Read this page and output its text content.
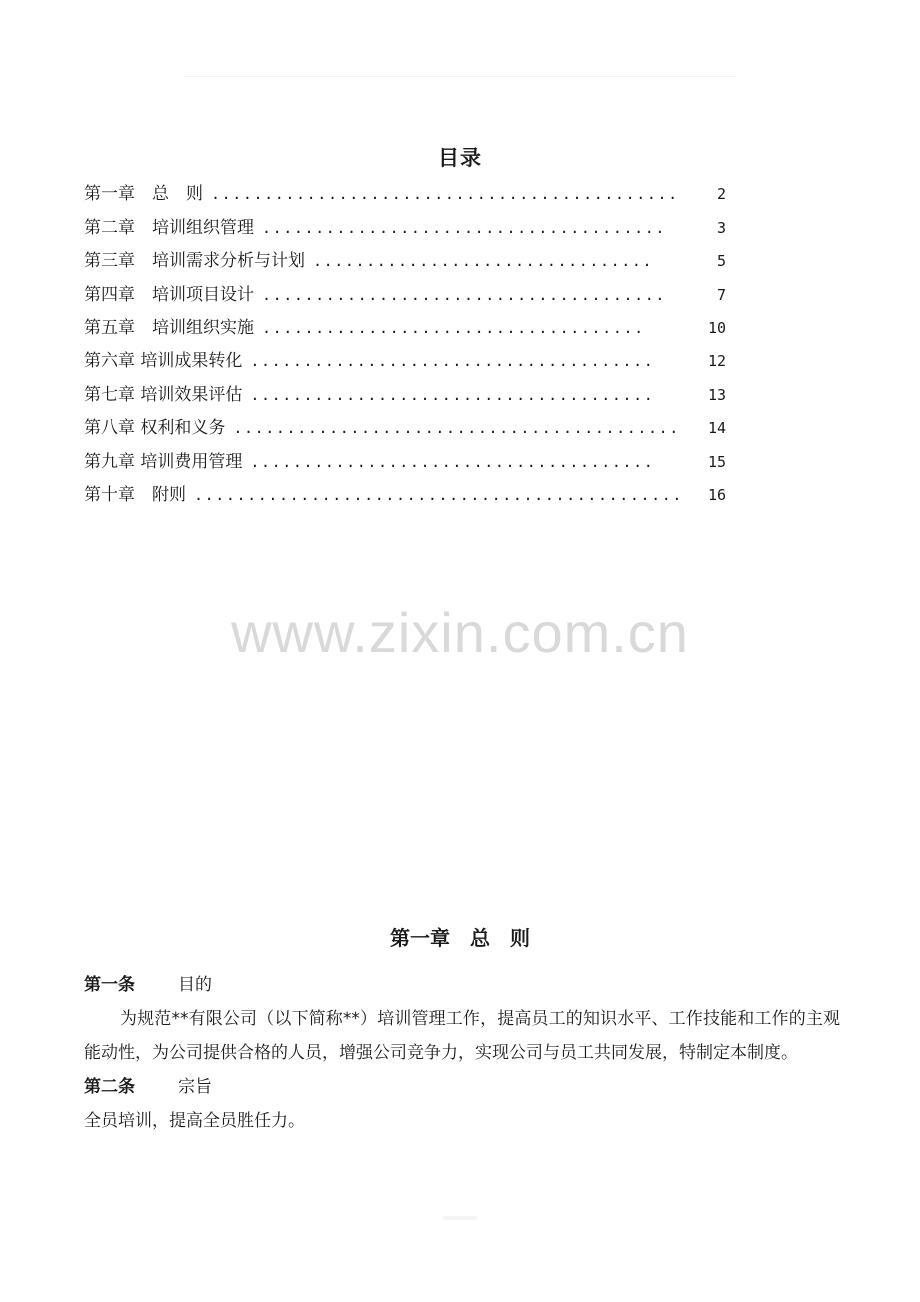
目录
第一章　总　则 ............................................	2
第二章　培训组织管理 ......................................	3
第三章　培训需求分析与计划 ................................	5
第四章　培训项目设计 ......................................	7
第五章　培训组织实施 ....................................	10
第六章 培训成果转化 ......................................	12
第七章 培训效果评估 ......................................	13
第八章 权利和义务 ..........................................	14
第九章 培训费用管理 ......................................	15
第十章　附则 ..............................................	16
www.zixin.com.cn
第一章　总　则
第一条	目的

为规范**有限公司（以下简称**）培训管理工作，提高员工的知识水平、工作技能和工作的主观能动性，为公司提供合格的人员，增强公司竞争力，实现公司与员工共同发展，特制定本制度。

第二条	宗旨

全员培训，提高全员胜任力。
